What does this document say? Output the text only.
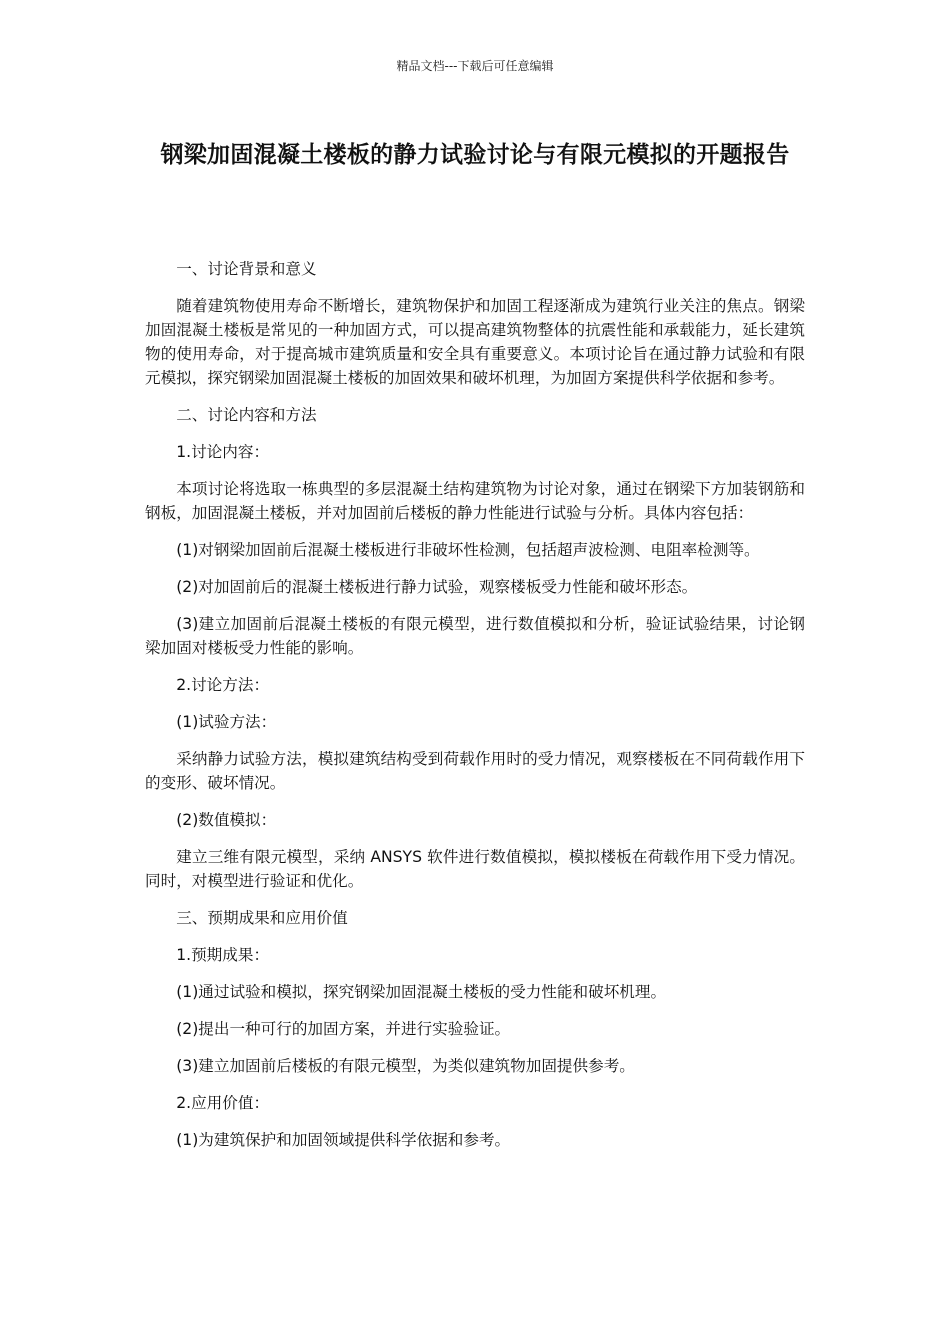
精品文档---下载后可任意编辑
钢梁加固混凝土楼板的静力试验讨论与有限元模拟的开题报告

一、讨论背景和意义

随着建筑物使用寿命不断增长，建筑物保护和加固工程逐渐成为建筑行业关注的焦点。钢梁加固混凝土楼板是常见的一种加固方式，可以提高建筑物整体的抗震性能和承载能力，延长建筑物的使用寿命，对于提高城市建筑质量和安全具有重要意义。本项讨论旨在通过静力试验和有限元模拟，探究钢梁加固混凝土楼板的加固效果和破坏机理，为加固方案提供科学依据和参考。

二、讨论内容和方法

1.讨论内容：

本项讨论将选取一栋典型的多层混凝土结构建筑物为讨论对象，通过在钢梁下方加装钢筋和钢板，加固混凝土楼板，并对加固前后楼板的静力性能进行试验与分析。具体内容包括：

(1)对钢梁加固前后混凝土楼板进行非破坏性检测，包括超声波检测、电阻率检测等。

(2)对加固前后的混凝土楼板进行静力试验，观察楼板受力性能和破坏形态。

(3)建立加固前后混凝土楼板的有限元模型，进行数值模拟和分析，验证试验结果，讨论钢梁加固对楼板受力性能的影响。

2.讨论方法：

(1)试验方法：

采纳静力试验方法，模拟建筑结构受到荷载作用时的受力情况，观察楼板在不同荷载作用下的变形、破坏情况。

(2)数值模拟：

建立三维有限元模型，采纳 ANSYS 软件进行数值模拟，模拟楼板在荷载作用下受力情况。同时，对模型进行验证和优化。

三、预期成果和应用价值

1.预期成果：

(1)通过试验和模拟，探究钢梁加固混凝土楼板的受力性能和破坏机理。

(2)提出一种可行的加固方案，并进行实验验证。

(3)建立加固前后楼板的有限元模型，为类似建筑物加固提供参考。

2.应用价值：

(1)为建筑保护和加固领域提供科学依据和参考。
